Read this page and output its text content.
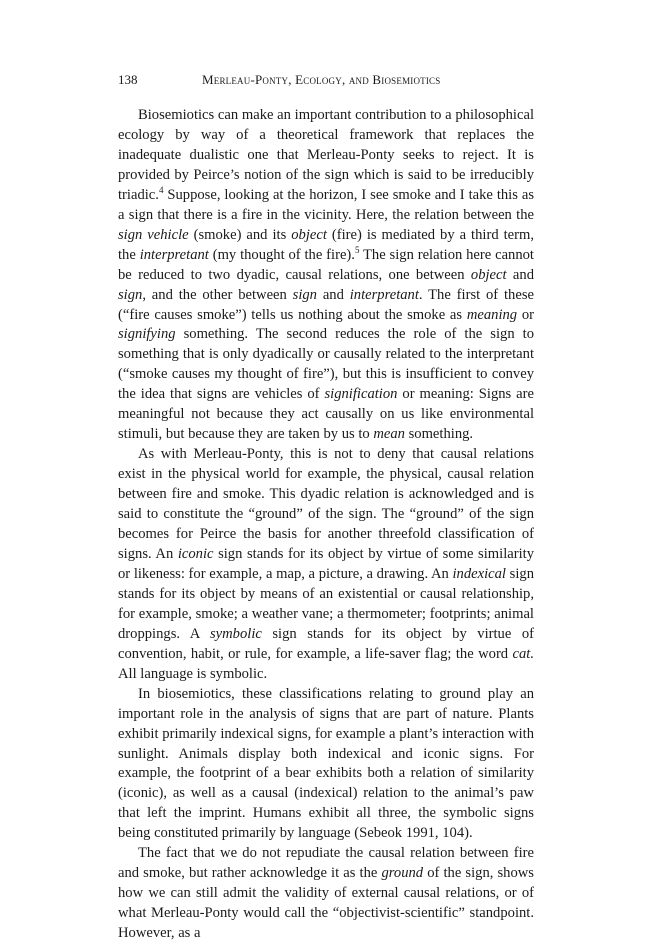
138	Merleau-Ponty, Ecology, and Biosemiotics

Biosemiotics can make an important contribution to a philosophical ecology by way of a theoretical framework that replaces the inadequate dualistic one that Merleau-Ponty seeks to reject. It is provided by Peirce’s notion of the sign which is said to be irreducibly triadic.$^4$ Suppose, looking at the horizon, I see smoke and I take this as a sign that there is a fire in the vicinity. Here, the relation between the sign vehicle (smoke) and its object (fire) is mediated by a third term, the interpretant (my thought of the fire).$^5$ The sign relation here cannot be reduced to two dyadic, causal relations, one between object and sign, and the other between sign and interpretant. The first of these (“fire causes smoke”) tells us nothing about the smoke as meaning or signifying something. The second reduces the role of the sign to something that is only dyadically or causally related to the interpretant (“smoke causes my thought of fire”), but this is insufficient to convey the idea that signs are vehicles of signification or meaning: Signs are meaningful not because they act causally on us like environmental stimuli, but because they are taken by us to mean something.

As with Merleau-Ponty, this is not to deny that causal relations exist in the physical world for example, the physical, causal relation between fire and smoke. This dyadic relation is acknowledged and is said to constitute the “ground” of the sign. The “ground” of the sign becomes for Peirce the basis for another threefold classification of signs. An iconic sign stands for its object by virtue of some similarity or likeness: for example, a map, a picture, a drawing. An indexical sign stands for its object by means of an existential or causal relationship, for example, smoke; a weather vane; a thermometer; footprints; animal droppings. A symbolic sign stands for its object by virtue of convention, habit, or rule, for example, a life-saver flag; the word cat. All language is symbolic.

In biosemiotics, these classifications relating to ground play an important role in the analysis of signs that are part of nature. Plants exhibit primarily indexical signs, for example a plant’s interaction with sunlight. Animals display both indexical and iconic signs. For example, the footprint of a bear exhibits both a relation of similarity (iconic), as well as a causal (indexical) relation to the animal’s paw that left the imprint. Humans exhibit all three, the symbolic signs being constituted primarily by language (Sebeok 1991, 104).

The fact that we do not repudiate the causal relation between fire and smoke, but rather acknowledge it as the ground of the sign, shows how we can still admit the validity of external causal relations, or of what Merleau-Ponty would call the “objectivist-scientific” standpoint. However, as a
